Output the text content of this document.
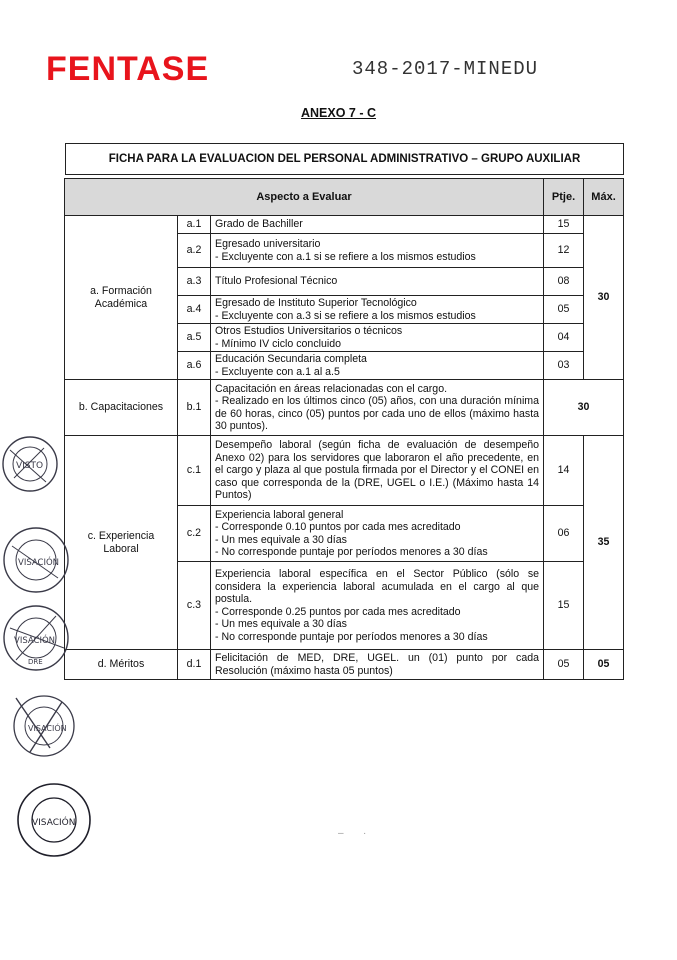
FENTASE	348-2017-MINEDU
ANEXO 7 - C
FICHA PARA LA EVALUACION DEL PERSONAL ADMINISTRATIVO – GRUPO AUXILIAR
Aspecto a Evaluar			Ptje.	Máx.
a. Formación Académica	a.1	Grado de Bachiller	15	30
	a.2	Egresado universitario
- Excluyente con a.1 si se refiere a los mismos estudios	12	
	a.3	Título Profesional Técnico	08	
	a.4	Egresado de Instituto Superior Tecnológico
- Excluyente con a.3 si se refiere a los mismos estudios	05	
	a.5	Otros Estudios Universitarios o técnicos
- Mínimo IV ciclo concluido	04	
	a.6	Educación Secundaria completa
- Excluyente con a.1 al a.5	03	
b. Capacitaciones	b.1	Capacitación en áreas relacionadas con el cargo.
- Realizado en los últimos cinco (05) años, con una duración mínima de 60 horas, cinco (05) puntos por cada uno de ellos (máximo hasta 30 puntos).	30	
c. Experiencia Laboral	c.1	Desempeño laboral (según ficha de evaluación de desempeño Anexo 02) para los servidores que laboraron el año precedente, en el cargo y plaza al que postula firmada por el Director y el CONEI en caso que corresponda de la (DRE, UGEL o I.E.) (Máximo hasta 14 Puntos)	14	35
	c.2	Experiencia laboral general
- Corresponde 0.10 puntos por cada mes acreditado
- Un mes equivale a 30 días
- No corresponde puntaje por períodos menores a 30 días	06	
	c.3	Experiencia laboral específica en el Sector Público (sólo se considera la experiencia laboral acumulada en el cargo al que postula.
- Corresponde 0.25 puntos por cada mes acreditado
- Un mes equivale a 30 días
- No corresponde puntaje por períodos menores a 30 días	15	
d. Méritos	d.1	Felicitación de MED, DRE, UGEL. un (01) punto por cada Resolución (máximo hasta 05 puntos)	05	05
VISTO
VISACIÓN
VISACIÓN
DRE
VISACIÓN
VISACIÓN
–       ·
